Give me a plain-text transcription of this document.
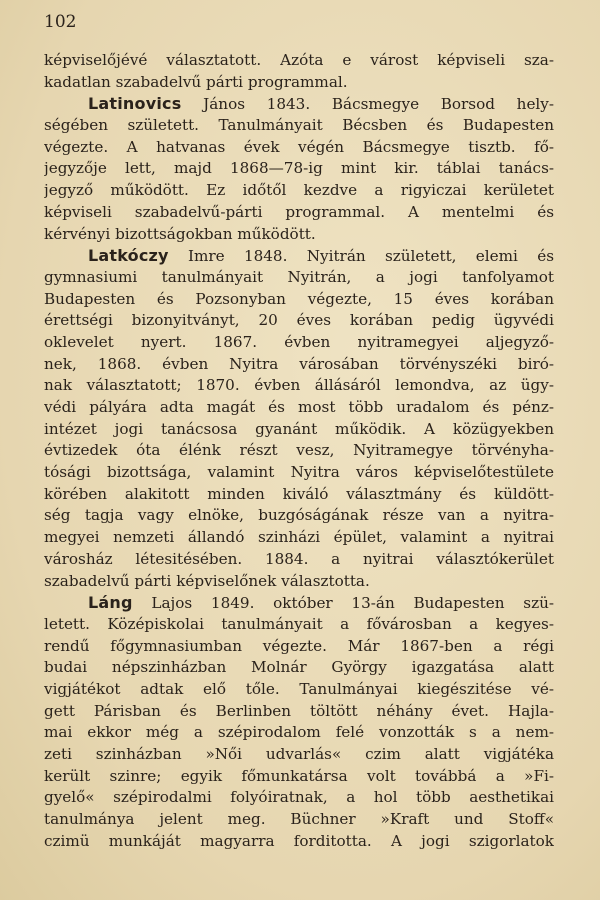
102
képviselőjévé választatott. Azóta e várost képviseli sza-
kadatlan szabadelvű párti programmal.
Latinovics János 1843. Bácsmegye Borsod hely-
ségében született. Tanulmányait Bécsben és Budapesten
végezte. A hatvanas évek végén Bácsmegye tisztb. fő-
jegyzője lett, majd 1868—78-ig mint kir. táblai tanács-
jegyző működött. Ez időtől kezdve a rigyiczai kerületet
képviseli szabadelvű-párti programmal. A mentelmi és
kérvényi bizottságokban működött.
Latkóczy Imre 1848. Nyitrán született, elemi és
gymnasiumi tanulmányait Nyitrán, a jogi tanfolyamot
Budapesten és Pozsonyban végezte, 15 éves korában
érettségi bizonyitványt, 20 éves korában pedig ügyvédi
oklevelet nyert. 1867. évben nyitramegyei aljegyző-
nek, 1868. évben Nyitra városában törvényszéki biró-
nak választatott; 1870. évben állásáról lemondva, az ügy-
védi pályára adta magát és most több uradalom és pénz-
intézet jogi tanácsosa gyanánt működik. A közügyekben
évtizedek óta élénk részt vesz, Nyitramegye törvényha-
tósági bizottsága, valamint Nyitra város képviselőtestülete
körében alakitott minden kiváló választmány és küldött-
ség tagja vagy elnöke, buzgóságának része van a nyitra-
megyei nemzeti állandó szinházi épület, valamint a nyitrai
városház létesitésében. 1884. a nyitrai választókerület
szabadelvű párti képviselőnek választotta.
Láng Lajos 1849. október 13-án Budapesten szü-
letett. Középiskolai tanulmányait a fővárosban a kegyes-
rendű főgymnasiumban végezte. Már 1867-ben a régi
budai népszinházban Molnár György igazgatása alatt
vigjátékot adtak elő tőle. Tanulmányai kiegészitése vé-
gett Párisban és Berlinben töltött néhány évet. Hajla-
mai ekkor még a szépirodalom felé vonzották s a nem-
zeti szinházban »Női udvarlás« czim alatt vigjátéka
került szinre; egyik főmunkatársa volt továbbá a »Fi-
gyelő« szépirodalmi folyóiratnak, a hol több aesthetikai
tanulmánya jelent meg. Büchner »Kraft und Stoff«
czimü munkáját magyarra forditotta. A jogi szigorlatok
